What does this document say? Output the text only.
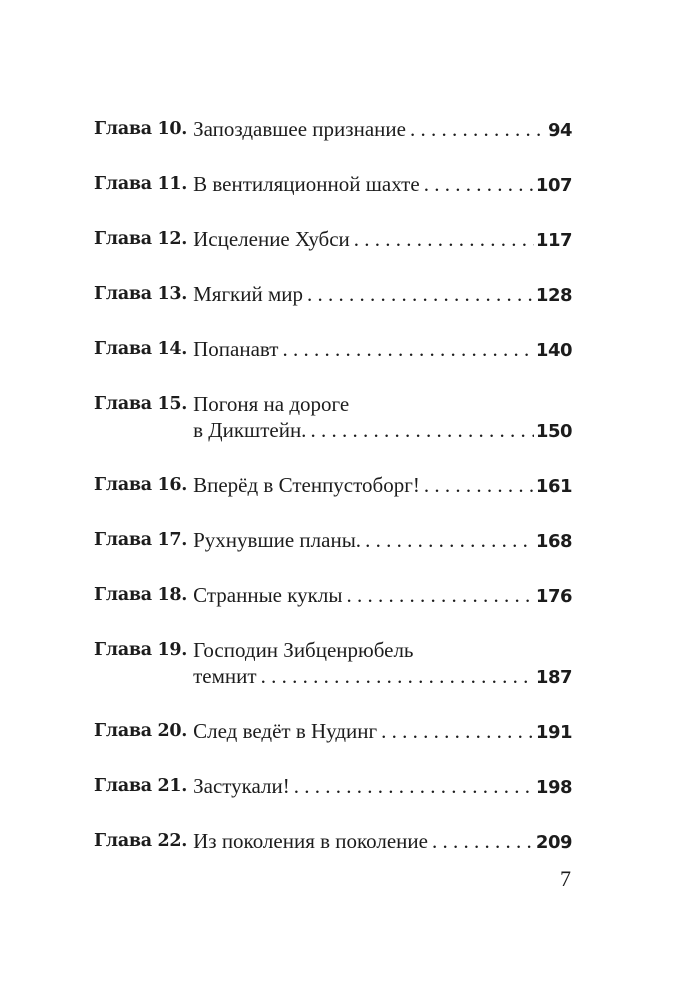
Глава 10. Запоздавшее признание . . .	94
Глава 11. В вентиляционной шахте . . .	107
Глава 12. Исцеление Хубси . . .	117
Глава 13. Мягкий мир . . .	128
Глава 14. Попанавт . . .	140
Глава 15. Погоня на дороге
в Дикштейн. . . .	150
Глава 16. Вперёд в Стенпустоборг! . . .	161
Глава 17. Рухнувшие планы. . . .	168
Глава 18. Странные куклы . . .	176
Глава 19. Господин Зибценрюбель
темнит . . .	187
Глава 20. След ведёт в Нудинг . . .	191
Глава 21. Застукали! . . .	198
Глава 22. Из поколения в поколение . . .	209
7
